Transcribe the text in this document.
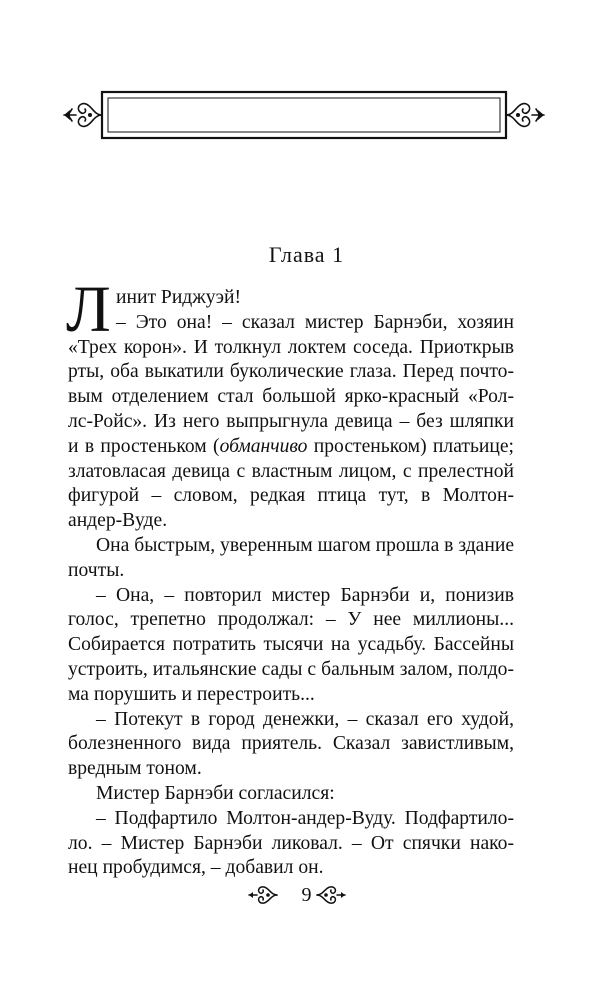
Глава 1
Л инит Риджуэй!
– Это она! – сказал мистер Барнэби, хозяин
«Трех корон». И толкнул локтем соседа. Приоткрыв
рты, оба выкатили буколические глаза. Перед почто-
вым отделением стал большой ярко-красный «Рол-
лс-Ройс». Из него выпрыгнула девица – без шляпки
и в простеньком (обманчиво простеньком) платьице;
златовласая девица с властным лицом, с прелестной
фигурой – словом, редкая птица тут, в Молтон-
андер-Вуде.
Она быстрым, уверенным шагом прошла в здание
почты.
– Она, – повторил мистер Барнэби и, понизив
голос, трепетно продолжал: – У нее миллионы...
Собирается потратить тысячи на усадьбу. Бассейны
устроить, итальянские сады с бальным залом, полдо-
ма порушить и перестроить...
– Потекут в город денежки, – сказал его худой,
болезненного вида приятель. Сказал завистливым,
вредным тоном.
Мистер Барнэби согласился:
– Подфартило Молтон-андер-Вуду. Подфартило-
ло. – Мистер Барнэби ликовал. – От спячки нако-
нец пробудимся, – добавил он.
9
